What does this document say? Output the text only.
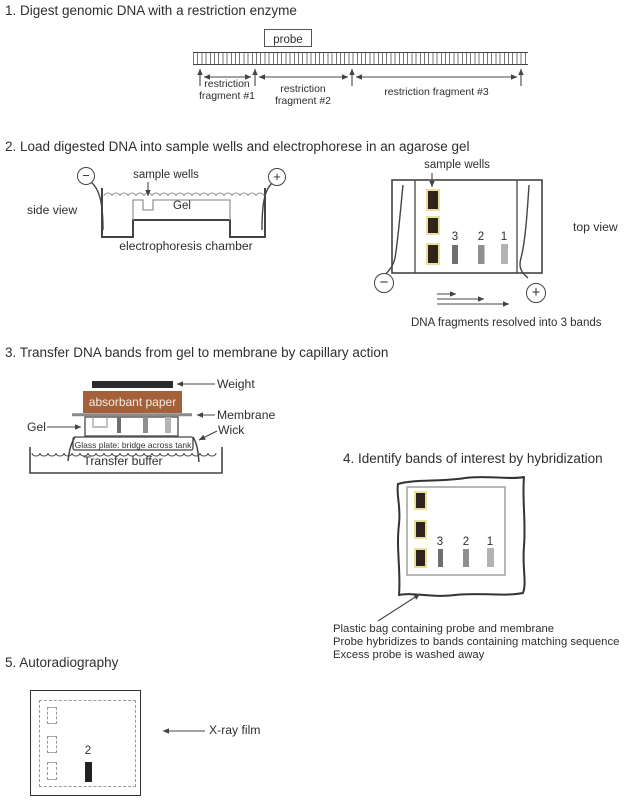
1. Digest genomic DNA with a restriction enzyme
probe
restriction
fragment #1
restriction
fragment #2
restriction fragment #3
2. Load digested DNA into sample wells and electrophorese in an agarose gel
−	+
sample wells
Gel
side view
electrophoresis chamber
sample wells
3	2	1
top view
−
+
DNA fragments resolved into 3 bands
3. Transfer DNA bands from gel to membrane by capillary action
Weight
absorbant paper
Membrane
Gel	Wick
Glass plate: bridge across tank
Transfer buffer	4. Identify bands of interest by hybridization
3	2	1
Plastic bag containing probe and membrane
Probe hybridizes to bands containing matching sequence
Excess probe is washed away
5. Autoradiography
2
X-ray film
